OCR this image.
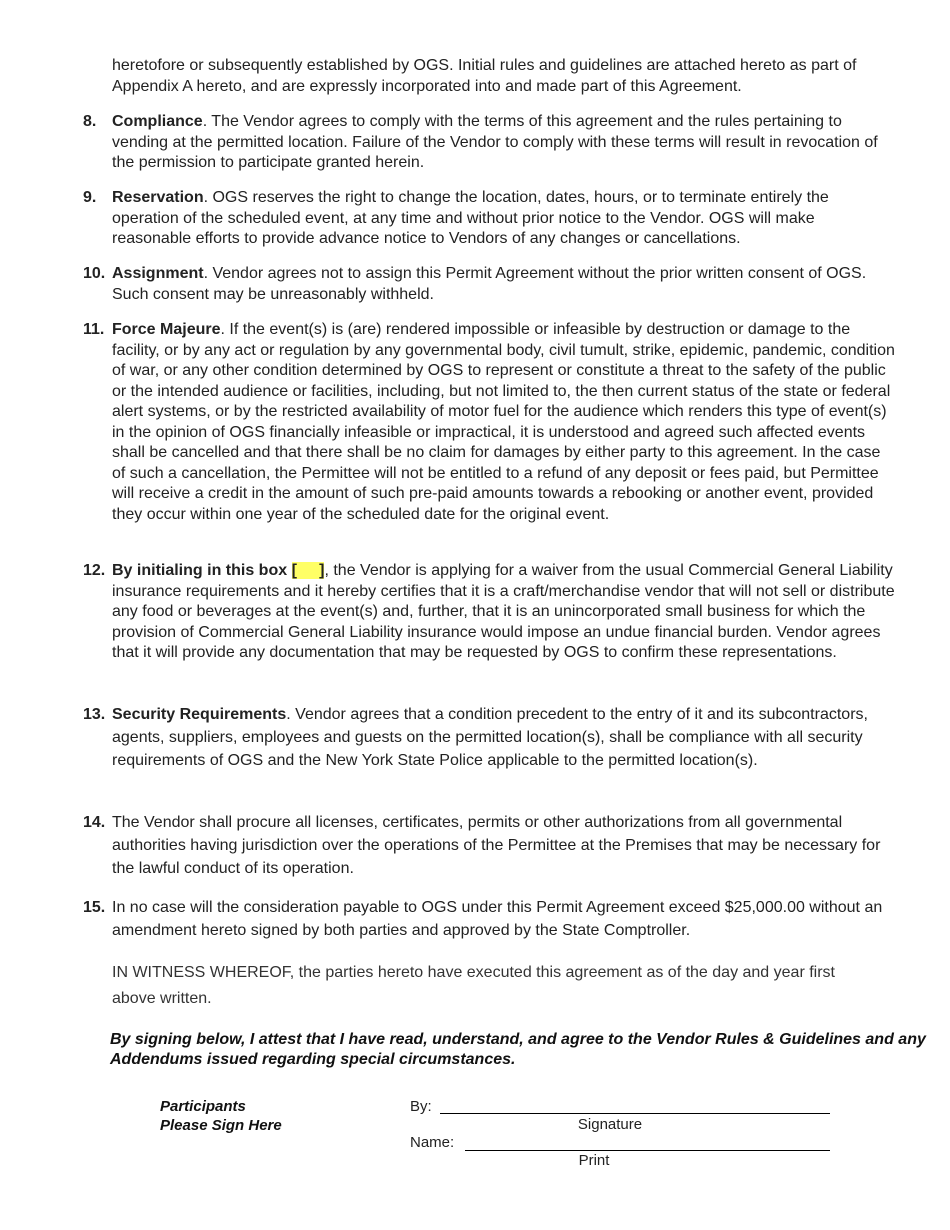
heretofore or subsequently established by OGS. Initial rules and guidelines are attached hereto as part of Appendix A hereto, and are expressly incorporated into and made part of this Agreement.

8. Compliance. The Vendor agrees to comply with the terms of this agreement and the rules pertaining to vending at the permitted location. Failure of the Vendor to comply with these terms will result in revocation of the permission to participate granted herein.
9. Reservation. OGS reserves the right to change the location, dates, hours, or to terminate entirely the operation of the scheduled event, at any time and without prior notice to the Vendor. OGS will make reasonable efforts to provide advance notice to Vendors of any changes or cancellations.
10. Assignment. Vendor agrees not to assign this Permit Agreement without the prior written consent of OGS. Such consent may be unreasonably withheld.
11. Force Majeure. If the event(s) is (are) rendered impossible or infeasible by destruction or damage to the facility, or by any act or regulation by any governmental body, civil tumult, strike, epidemic, pandemic, condition of war, or any other condition determined by OGS to represent or constitute a threat to the safety of the public or the intended audience or facilities, including, but not limited to, the then current status of the state or federal alert systems, or by the restricted availability of motor fuel for the audience which renders this type of event(s) in the opinion of OGS financially infeasible or impractical, it is understood and agreed such affected events shall be cancelled and that there shall be no claim for damages by either party to this agreement. In the case of such a cancellation, the Permittee will not be entitled to a refund of any deposit or fees paid, but Permittee will receive a credit in the amount of such pre-paid amounts towards a rebooking or another event, provided they occur within one year of the scheduled date for the original event.
12. By initialing in this box [     ], the Vendor is applying for a waiver from the usual Commercial General Liability insurance requirements and it hereby certifies that it is a craft/merchandise vendor that will not sell or distribute any food or beverages at the event(s) and, further, that it is an unincorporated small business for which the provision of Commercial General Liability insurance would impose an undue financial burden. Vendor agrees that it will provide any documentation that may be requested by OGS to confirm these representations.
13. Security Requirements. Vendor agrees that a condition precedent to the entry of it and its subcontractors, agents, suppliers, employees and guests on the permitted location(s), shall be compliance with all security requirements of OGS and the New York State Police applicable to the permitted location(s).
14. The Vendor shall procure all licenses, certificates, permits or other authorizations from all governmental authorities having jurisdiction over the operations of the Permittee at the Premises that may be necessary for the lawful conduct of its operation.
15. In no case will the consideration payable to OGS under this Permit Agreement exceed $25,000.00 without an amendment hereto signed by both parties and approved by the State Comptroller.
IN WITNESS WHEREOF, the parties hereto have executed this agreement as of the day and year first above written.
By signing below, I attest that I have read, understand, and agree to the Vendor Rules & Guidelines and any Addendums issued regarding special circumstances.
Participants
Please Sign Here
By:
Signature
Name:
Print
